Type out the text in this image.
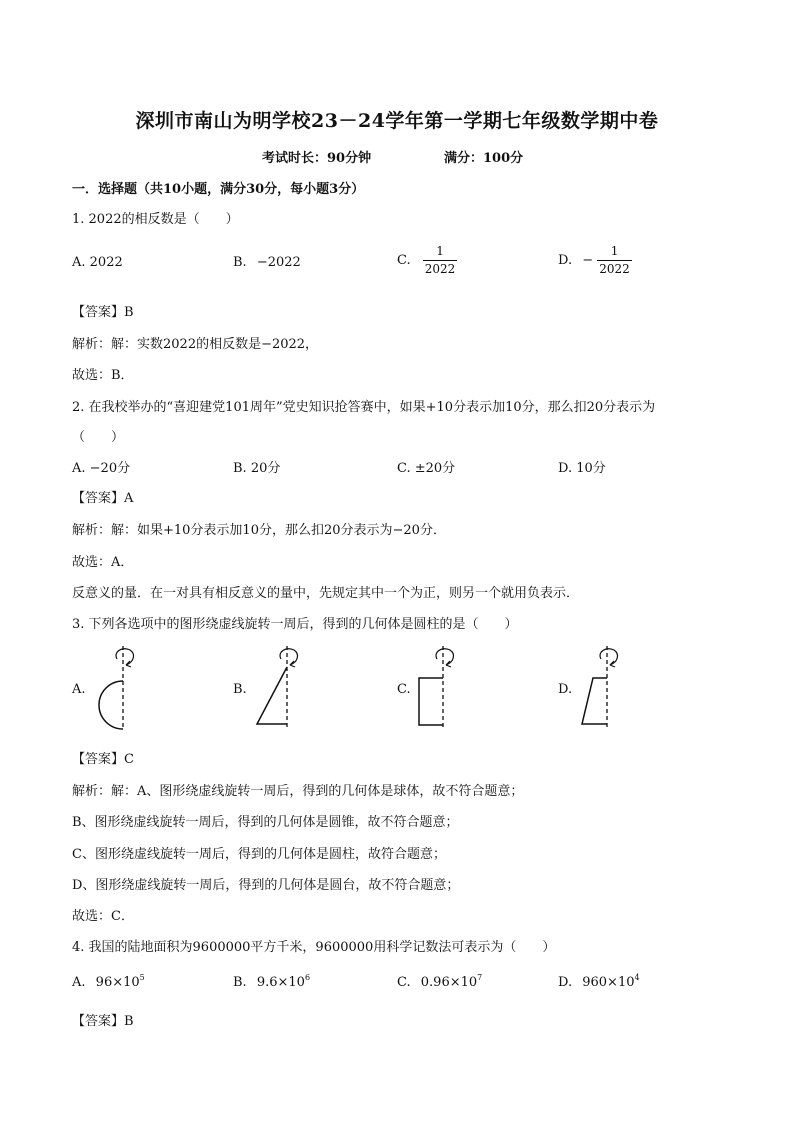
深圳市南山为明学校23－24学年第一学期七年级数学期中卷
考试时长：90分钟	满分：100分
一．选择题（共10小题，满分30分，每小题3分）
1. 2022的相反数是（　　）
A. 2022	B. −2022	C. $\frac{1}{2022}$	D. − $\frac{1}{2022}$
【答案】B
解析：解：实数2022的相反数是−2022，
故选：B．
2. 在我校举办的“喜迎建党101周年”党史知识抢答赛中，如果+10分表示加10分，那么扣20分表示为
（　　）
A. −20分	B. 20分	C. ±20分	D. 10分
【答案】A
解析：解：如果+10分表示加10分，那么扣20分表示为−20分．
故选：A．
反意义的量．在一对具有相反意义的量中，先规定其中一个为正，则另一个就用负表示．
3. 下列各选项中的图形绕虚线旋转一周后，得到的几何体是圆柱的是（　　）
A.	B.	C.	D.
【答案】C
解析：解：A、图形绕虚线旋转一周后，得到的几何体是球体，故不符合题意；
B、图形绕虚线旋转一周后，得到的几何体是圆锥，故不符合题意；
C、图形绕虚线旋转一周后，得到的几何体是圆柱，故符合题意；
D、图形绕虚线旋转一周后，得到的几何体是圆台，故不符合题意；
故选：C．
4. 我国的陆地面积为9600000平方千米，9600000用科学记数法可表示为（　　）
A. $96\times 10^5$	B. $9.6\times 10^6$	C. $0.96\times 10^7$	D. $960\times 10^4$
【答案】B
